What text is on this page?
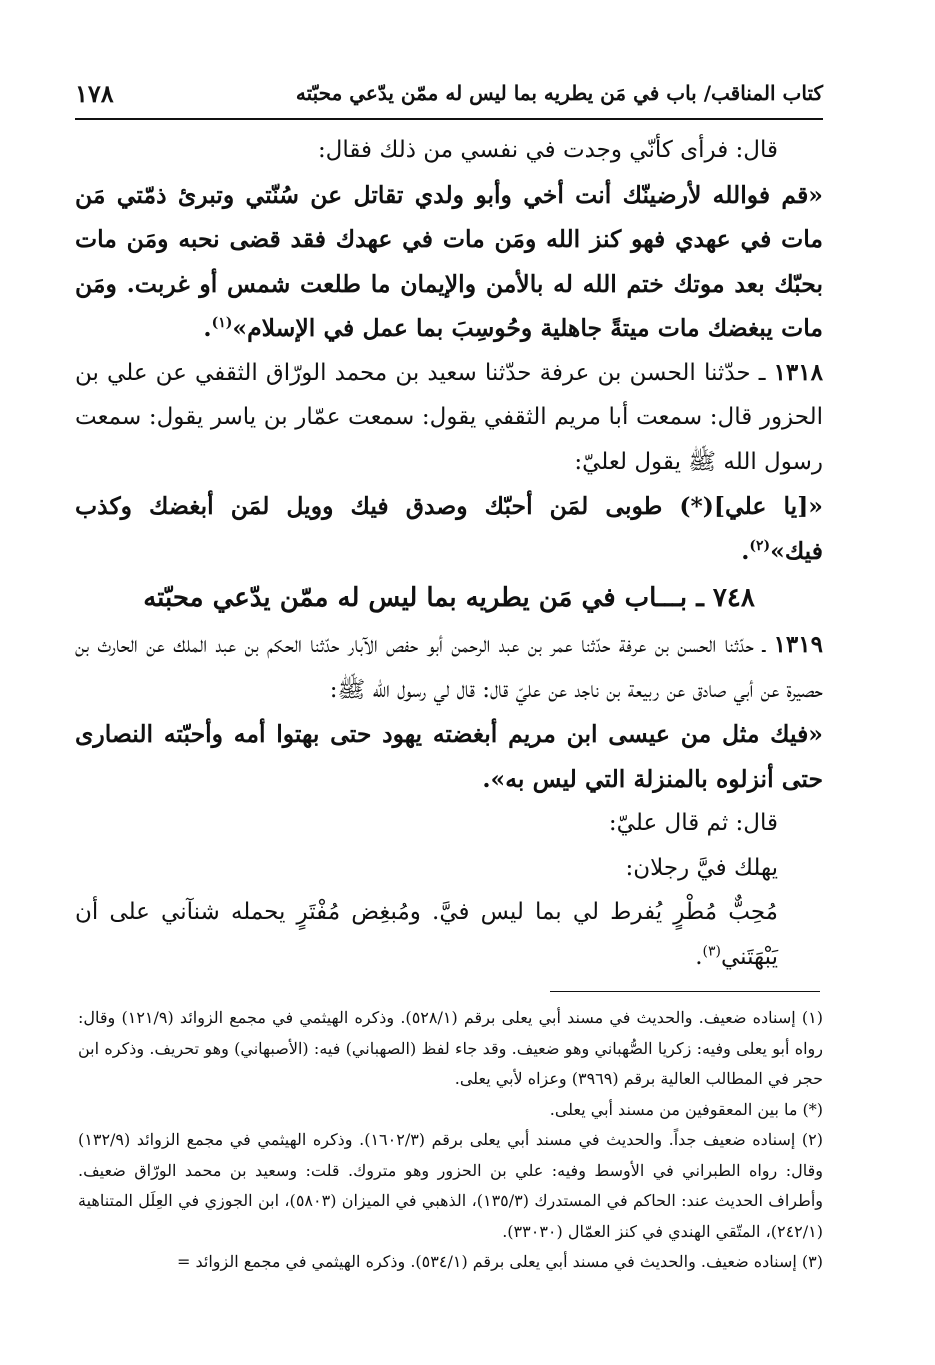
كتاب المناقب/ باب في مَن يطريه بما ليس له ممّن يدّعي محبّته
١٧٨

قال: فرأى كأنّي وجدت في نفسي من ذلك فقال:

«قم فوالله لأرضينّك أنت أخي وأبو ولدي تقاتل عن سُنّتي وتبرئ ذمّتي مَن مات في عهدي فهو كنز الله ومَن مات في عهدك فقد قضى نحبه ومَن مات بحبّك بعد موتك ختم الله له بالأمن والإيمان ما طلعت شمس أو غربت. ومَن مات يبغضك مات ميتةً جاهلية وحُوسِبَ بما عمل في الإسلام»$^{(١)}$.

١٣١٨ ـ حدّثنا الحسن بن عرفة حدّثنا سعيد بن محمد الورّاق الثقفي عن علي بن الحزور قال: سمعت أبا مريم الثقفي يقول: سمعت عمّار بن ياسر يقول: سمعت رسول الله ﷺ يقول لعليّ:

«[يا علي](*) طوبى لمَن أحبّك وصدق فيك وويل لمَن أبغضك وكذب فيك»$^{(٢)}$.

٧٤٨ ـ بـــاب في مَن يطريه بما ليس له ممّن يدّعي محبّته

١٣١٩ ـ حدّثنا الحسن بن عرفة حدّثنا عمر بن عبد الرحمن أبو حفص الآبار حدّثنا الحكم بن عبد الملك عن الحارث بن حصيرة عن أبي صادق عن ربيعة بن ناجد عن عليّ قال: قال لي رسول الله ﷺ:

«فيك مثل من عيسى ابن مريم أبغضته يهود حتى بهتوا أمه وأحبّته النصارى حتى أنزلوه بالمنزلة التي ليس به».

قال: ثم قال عليّ:

يهلك فيَّ رجلان:

مُحِبٌّ مُطْرٍ يُفرط لي بما ليس فيَّ. ومُبغِض مُفْتَرٍ يحمله شنآني على أن يَبْهَتَني$^{(٣)}$.

(١) إسناده ضعيف. والحديث في مسند أبي يعلى برقم (٥٢٨/١). وذكره الهيثمي في مجمع الزوائد (١٢١/٩) وقال: رواه أبو يعلى وفيه: زكريا الصُّهباني وهو ضعيف. وقد جاء لفظ (الصهباني) فيه: (الأصبهاني) وهو تحريف. وذكره ابن حجر في المطالب العالية برقم (٣٩٦٩) وعزاه لأبي يعلى.

(*) ما بين المعقوفين من مسند أبي يعلى.

(٢) إسناده ضعيف جداً. والحديث في مسند أبي يعلى برقم (١٦٠٢/٣). وذكره الهيثمي في مجمع الزوائد (١٣٢/٩) وقال: رواه الطبراني في الأوسط وفيه: علي بن الحزور وهو متروك. قلت: وسعيد بن محمد الورّاق ضعيف. وأطراف الحديث عند: الحاكم في المستدرك (١٣٥/٣)، الذهبي في الميزان (٥٨٠٣)، ابن الجوزي في العِلَل المتناهية (٢٤٢/١)، المتّقي الهندي في كنز العمّال (٣٣٠٣٠).

(٣) إسناده ضعيف. والحديث في مسند أبي يعلى برقم (٥٣٤/١). وذكره الهيثمي في مجمع الزوائد =
